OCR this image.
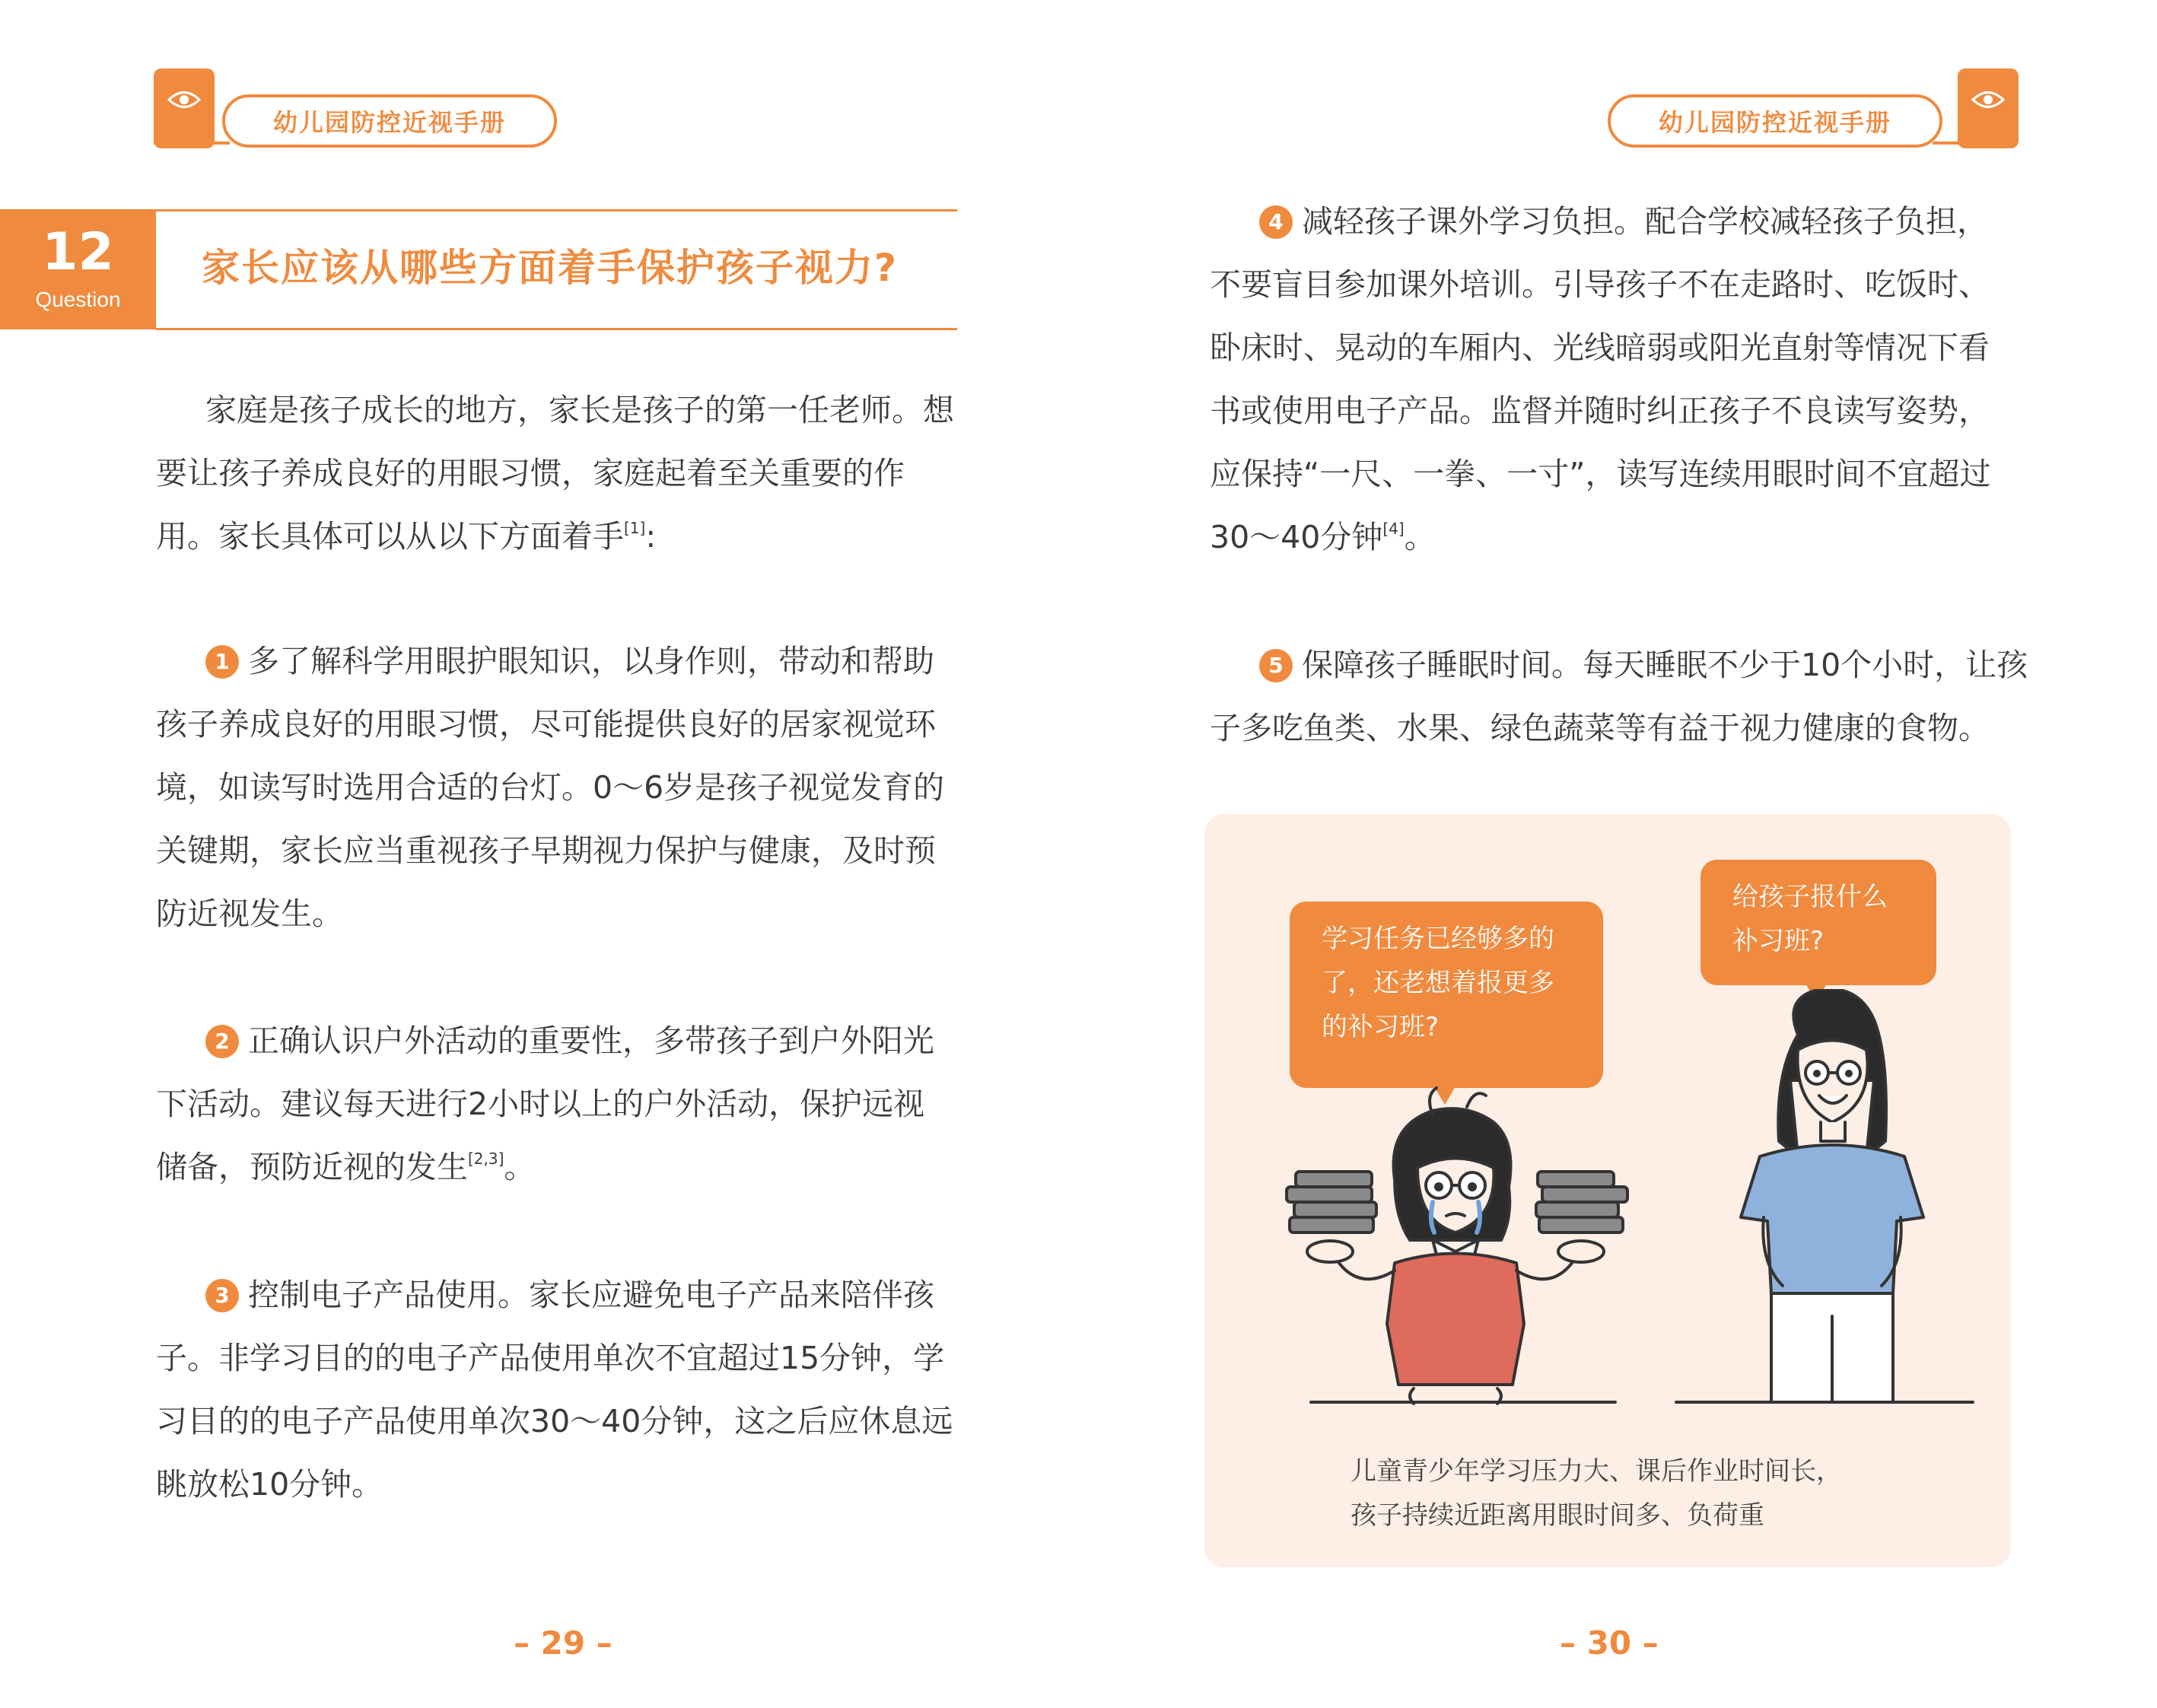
幼儿园防控近视手册	幼儿园防控近视手册
12
Question
家长应该从哪些方面着手保护孩子视力?

家庭是孩子成长的地方，家长是孩子的第一任老师。想

要让孩子养成良好的用眼习惯，家庭起着至关重要的作

用。家长具体可以从以下方面着手[1]:

1 多了解科学用眼护眼知识，以身作则，带动和帮助

孩子养成良好的用眼习惯，尽可能提供良好的居家视觉环

境，如读写时选用合适的台灯。0～6岁是孩子视觉发育的

关键期，家长应当重视孩子早期视力保护与健康，及时预

防近视发生。

2 正确认识户外活动的重要性，多带孩子到户外阳光

下活动。建议每天进行2小时以上的户外活动，保护远视

储备，预防近视的发生[2,3]。

3 控制电子产品使用。家长应避免电子产品来陪伴孩

子。非学习目的的电子产品使用单次不宜超过15分钟，学

习目的的电子产品使用单次30～40分钟，这之后应休息远

眺放松10分钟。

– 29 –

4 减轻孩子课外学习负担。配合学校减轻孩子负担，

不要盲目参加课外培训。引导孩子不在走路时、吃饭时、

卧床时、晃动的车厢内、光线暗弱或阳光直射等情况下看

书或使用电子产品。监督并随时纠正孩子不良读写姿势，

应保持“一尺、一拳、一寸”，读写连续用眼时间不宜超过

30～40分钟[4]。

5 保障孩子睡眠时间。每天睡眠不少于10个小时，让孩

子多吃鱼类、水果、绿色蔬菜等有益于视力健康的食物。

学习任务已经够多的

了，还老想着报更多

的补习班?

给孩子报什么

补习班?

儿童青少年学习压力大、课后作业时间长，

孩子持续近距离用眼时间多、负荷重

– 30 –
